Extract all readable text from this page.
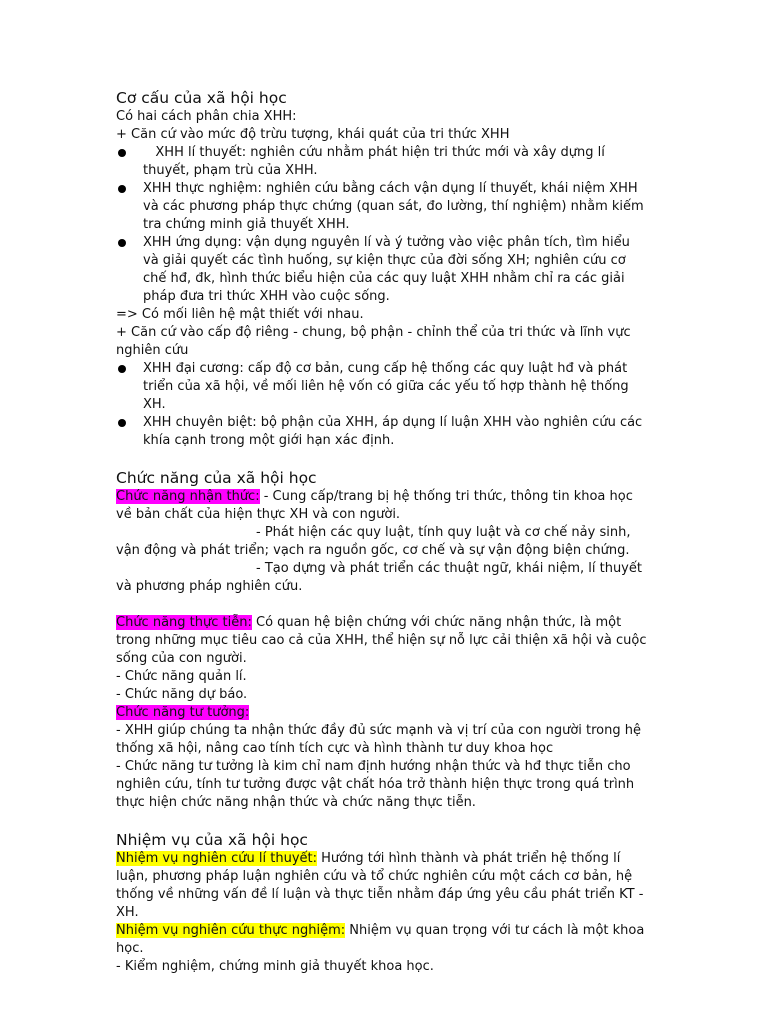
Cơ cấu của xã hội học

Có hai cách phân chia XHH:

+ Căn cứ vào mức độ trừu tượng, khái quát của tri thức XHH

XHH lí thuyết: nghiên cứu nhằm phát hiện tri thức mới và xây dựng lí thuyết, phạm trù của XHH.
XHH thực nghiệm: nghiên cứu bằng cách vận dụng lí thuyết, khái niệm XHH và các phương pháp thực chứng (quan sát, đo lường, thí nghiệm) nhằm kiếm tra chứng minh giả thuyết XHH.
XHH ứng dụng: vận dụng nguyên lí và ý tưởng vào việc phân tích, tìm hiểu và giải quyết các tình huống, sự kiện thực của đời sống XH; nghiên cứu cơ chế hđ, đk, hình thức biểu hiện của các quy luật XHH nhằm chỉ ra các giải pháp đưa tri thức XHH vào cuộc sống.

=> Có mối liên hệ mật thiết với nhau.

+ Căn cứ vào cấp độ riêng - chung, bộ phận - chỉnh thể của tri thức và lĩnh vực nghiên cứu

XHH đại cương: cấp độ cơ bản, cung cấp hệ thống các quy luật hđ và phát triển của xã hội, về mối liên hệ vốn có giữa các yếu tố hợp thành hệ thống XH.
XHH chuyên biệt: bộ phận của XHH, áp dụng lí luận XHH vào nghiên cứu các khía cạnh trong một giới hạn xác định.
Chức năng của xã hội học

Chức năng nhận thức: - Cung cấp/trang bị hệ thống tri thức, thông tin khoa học về bản chất của hiện thực XH và con người.

- Phát hiện các quy luật, tính quy luật và cơ chế nảy sinh, vận động và phát triển; vạch ra nguồn gốc, cơ chế và sự vận động biện chứng.

- Tạo dựng và phát triển các thuật ngữ, khái niệm, lí thuyết và phương pháp nghiên cứu.

Chức năng thực tiễn: Có quan hệ biện chứng với chức năng nhận thức, là một trong những mục tiêu cao cả của XHH, thể hiện sự nỗ lực cải thiện xã hội và cuộc sống của con người.

- Chức năng quản lí.

- Chức năng dự báo.

Chức năng tư tưởng:

- XHH giúp chúng ta nhận thức đầy đủ sức mạnh và vị trí của con người trong hệ thống xã hội, nâng cao tính tích cực và hình thành tư duy khoa học

- Chức năng tư tưởng là kim chỉ nam định hướng nhận thức và hđ thực tiễn cho nghiên cứu, tính tư tưởng được vật chất hóa trở thành hiện thực trong quá trình thực hiện chức năng nhận thức và chức năng thực tiễn.

Nhiệm vụ của xã hội học

Nhiệm vụ nghiên cứu lí thuyết: Hướng tới hình thành và phát triển hệ thống lí luận, phương pháp luận nghiên cứu và tổ chức nghiên cứu một cách cơ bản, hệ thống về những vấn đề lí luận và thực tiễn nhằm đáp ứng yêu cầu phát triển KT - XH.

Nhiệm vụ nghiên cứu thực nghiệm: Nhiệm vụ quan trọng với tư cách là một khoa học.

- Kiểm nghiệm, chứng minh giả thuyết khoa học.
